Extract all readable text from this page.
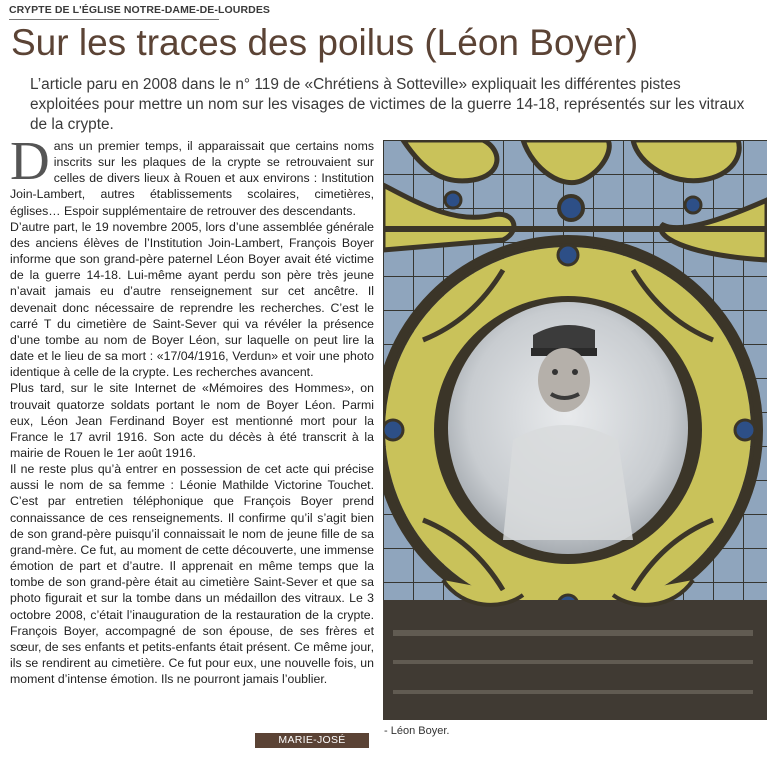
CRYPTE DE L'ÉGLISE NOTRE-DAME-DE-LOURDES
Sur les traces des poilus (Léon Boyer)

L’article paru en 2008 dans le n° 119 de «Chrétiens à Sotteville» expliquait les différentes pistes exploitées pour mettre un nom sur les visages de victimes de la guerre 14-18, représentés sur les vitraux de la crypte.

D ans un premier temps, il apparaissait que certains noms inscrits sur les plaques de la crypte se retrouvaient sur celles de divers lieux à Rouen et aux environs : Institution Join-Lambert, autres établissements scolaires, cimetières, églises… Espoir supplémentaire de retrouver des descendants.

D’autre part, le 19 novembre 2005, lors d’une assemblée générale des anciens élèves de l’Institution Join-Lambert, François Boyer informe que son grand-père paternel Léon Boyer avait été victime de la guerre 14-18. Lui-même ayant perdu son père très jeune n’avait jamais eu d’autre renseignement sur cet ancêtre. Il devenait donc nécessaire de reprendre les recherches. C’est le carré T du cimetière de Saint-Sever qui va révéler la présence d’une tombe au nom de Boyer Léon, sur laquelle on peut lire la date et le lieu de sa mort : «17/04/1916, Verdun» et voir une photo identique à celle de la crypte. Les recherches avancent.

Plus tard, sur le site Internet de «Mémoires des Hommes», on trouvait quatorze soldats portant le nom de Boyer Léon. Parmi eux, Léon Jean Ferdinand Boyer est mentionné mort pour la France le 17 avril 1916. Son acte du décès à été transcrit à la mairie de Rouen le 1er août 1916.

Il ne reste plus qu’à entrer en possession de cet acte qui précise aussi le nom de sa femme : Léonie Mathilde Victorine Touchet. C’est par entretien téléphonique que François Boyer prend connaissance de ces renseignements. Il confirme qu’il s’agit bien de son grand-père puisqu’il connaissait le nom de jeune fille de sa grand-mère. Ce fut, au moment de cette découverte, une immense émotion de part et d’autre. Il apprenait en même temps que la tombe de son grand-père était au cimetière Saint-Sever et que sa photo figurait et sur la tombe dans un médaillon des vitraux. Le 3 octobre 2008, c’était l’inauguration de la restauration de la crypte. François Boyer, accompagné de son épouse, de ses frères et sœur, de ses enfants et petits-enfants était présent. Ce même jour, ils se rendirent au cimetière. Ce fut pour eux, une nouvelle fois, un moment d’intense émotion. Ils ne pourront jamais l’oublier.

MARIE-JOSÉ CAVALON
- Léon Boyer.
